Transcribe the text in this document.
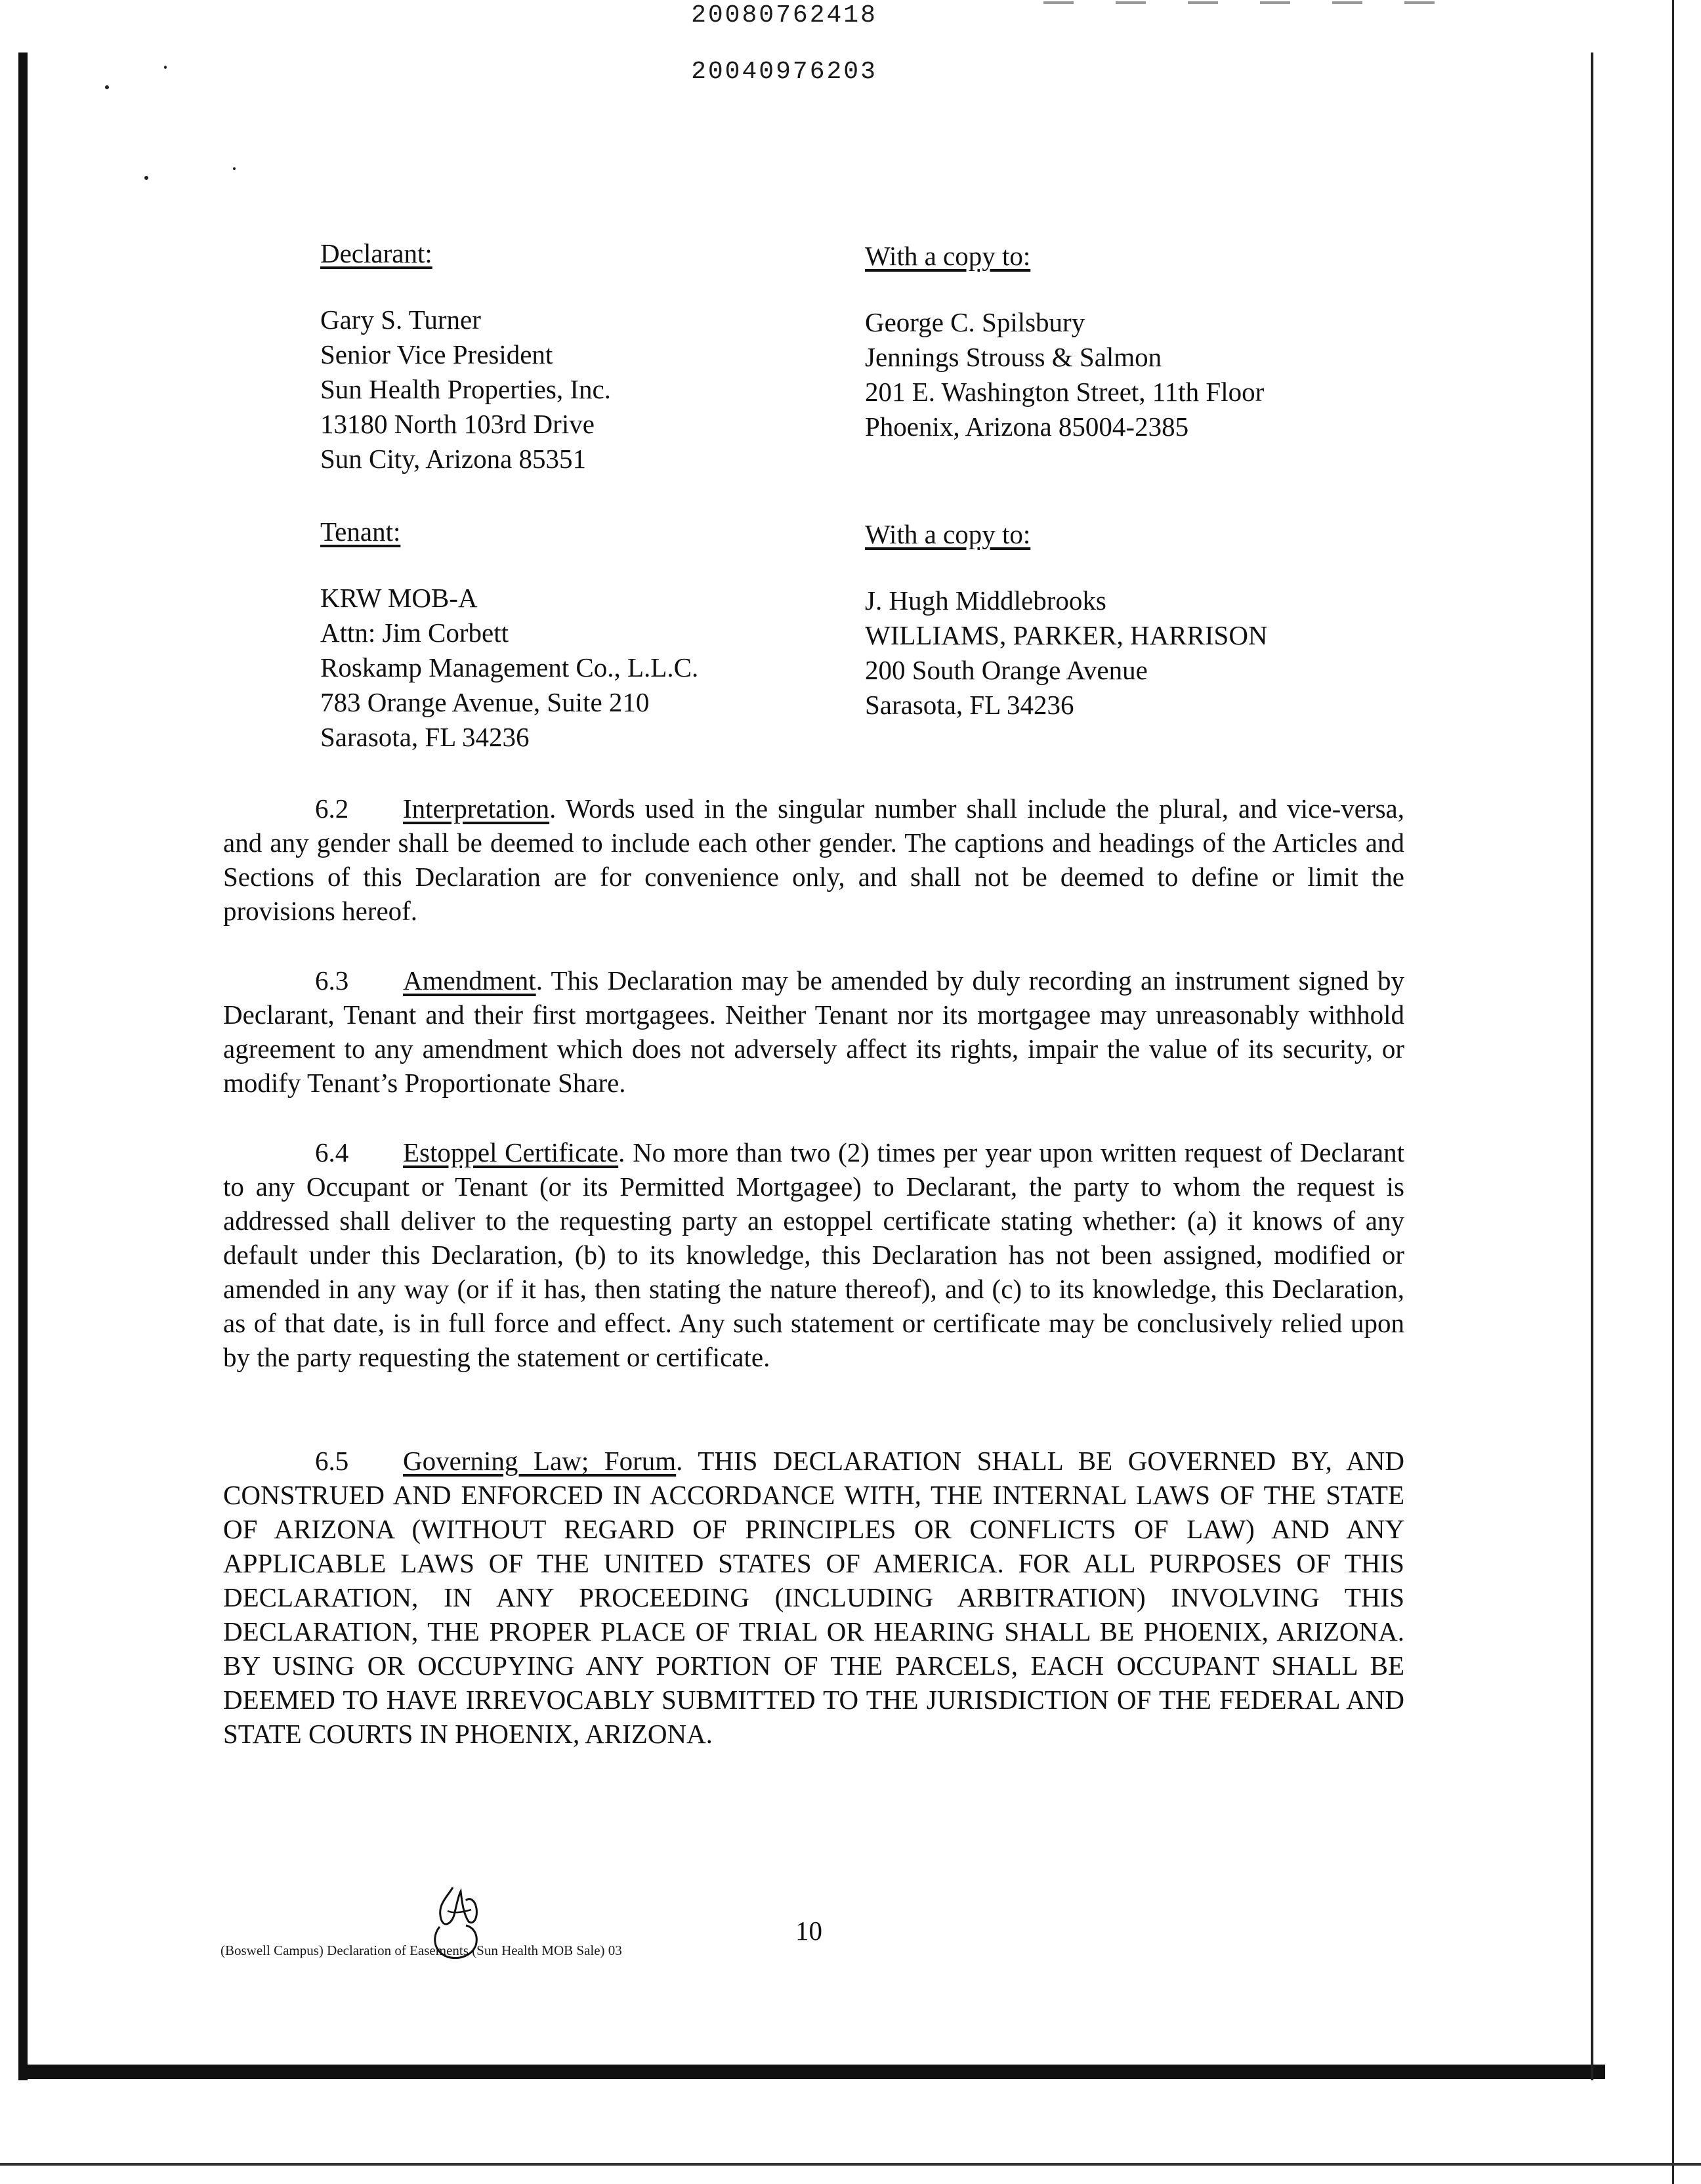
20080762418
20040976203
Declarant:
Gary S. Turner
Senior Vice President
Sun Health Properties, Inc.
13180 North 103rd Drive
Sun City, Arizona 85351
With a copy to:
George C. Spilsbury
Jennings Strouss & Salmon
201 E. Washington Street, 11th Floor
Phoenix, Arizona 85004-2385
Tenant:
KRW MOB-A
Attn: Jim Corbett
Roskamp Management Co., L.L.C.
783 Orange Avenue, Suite 210
Sarasota, FL 34236
With a copy to:
J. Hugh Middlebrooks
WILLIAMS, PARKER, HARRISON
200 South Orange Avenue
Sarasota, FL 34236
6.2 Interpretation. Words used in the singular number shall include the plural, and vice-versa, and any gender shall be deemed to include each other gender. The captions and headings of the Articles and Sections of this Declaration are for convenience only, and shall not be deemed to define or limit the provisions hereof.
6.3 Amendment. This Declaration may be amended by duly recording an instrument signed by Declarant, Tenant and their first mortgagees. Neither Tenant nor its mortgagee may unreasonably withhold agreement to any amendment which does not adversely affect its rights, impair the value of its security, or modify Tenant’s Proportionate Share.
6.4 Estoppel Certificate. No more than two (2) times per year upon written request of Declarant to any Occupant or Tenant (or its Permitted Mortgagee) to Declarant, the party to whom the request is addressed shall deliver to the requesting party an estoppel certificate stating whether: (a) it knows of any default under this Declaration, (b) to its knowledge, this Declaration has not been assigned, modified or amended in any way (or if it has, then stating the nature thereof), and (c) to its knowledge, this Declaration, as of that date, is in full force and effect. Any such statement or certificate may be conclusively relied upon by the party requesting the statement or certificate.
6.5 Governing Law; Forum. THIS DECLARATION SHALL BE GOVERNED BY, AND CONSTRUED AND ENFORCED IN ACCORDANCE WITH, THE INTERNAL LAWS OF THE STATE OF ARIZONA (WITHOUT REGARD OF PRINCIPLES OR CONFLICTS OF LAW) AND ANY APPLICABLE LAWS OF THE UNITED STATES OF AMERICA. FOR ALL PURPOSES OF THIS DECLARATION, IN ANY PROCEEDING (INCLUDING ARBITRATION) INVOLVING THIS DECLARATION, THE PROPER PLACE OF TRIAL OR HEARING SHALL BE PHOENIX, ARIZONA. BY USING OR OCCUPYING ANY PORTION OF THE PARCELS, EACH OCCUPANT SHALL BE DEEMED TO HAVE IRREVOCABLY SUBMITTED TO THE JURISDICTION OF THE FEDERAL AND STATE COURTS IN PHOENIX, ARIZONA.
(Boswell Campus) Declaration of Easements (Sun Health MOB Sale) 03
10
